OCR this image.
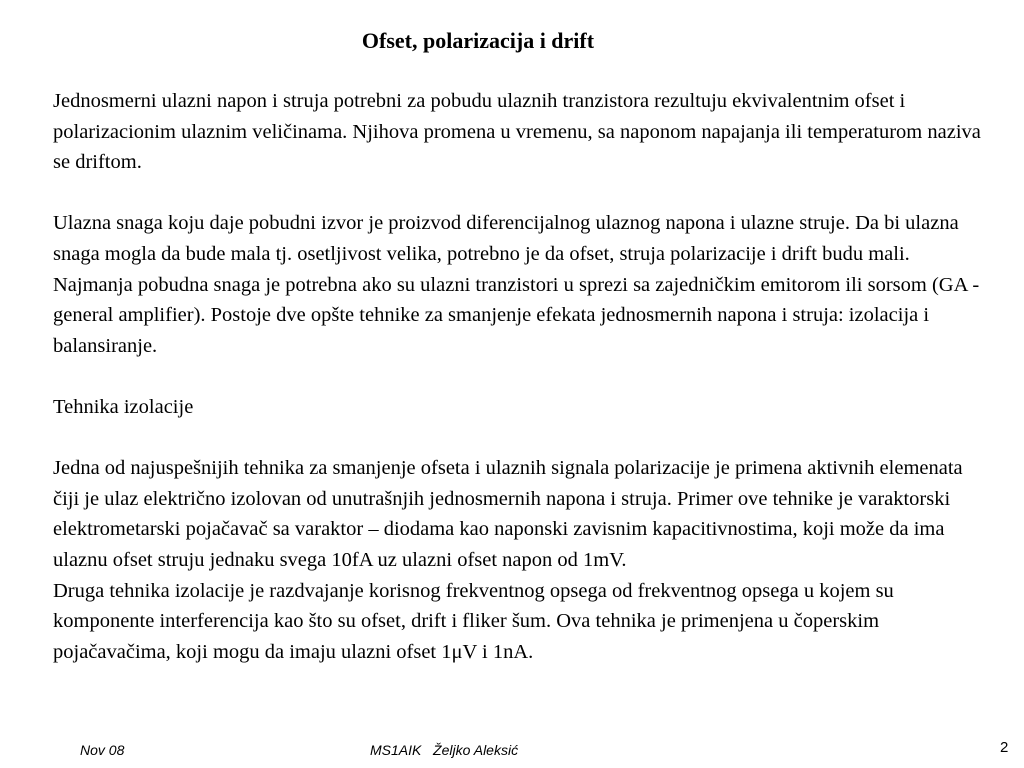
Ofset, polarizacija i drift

Jednosmerni ulazni napon i struja potrebni za pobudu ulaznih tranzistora rezultuju ekvivalentnim ofset i polarizacionim ulaznim veličinama. Njihova promena u vremenu, sa naponom napajanja ili temperaturom naziva se driftom.

Ulazna snaga koju daje pobudni izvor je proizvod diferencijalnog ulaznog napona i ulazne struje. Da bi ulazna snaga mogla da bude mala tj. osetljivost velika, potrebno je da ofset, struja polarizacije i drift budu mali. Najmanja pobudna snaga je potrebna ako su ulazni tranzistori u sprezi sa zajedničkim emitorom ili sorsom (GA - general amplifier). Postoje dve opšte tehnike za smanjenje efekata jednosmernih napona i struja: izolacija i balansiranje.

Tehnika izolacije

Jedna od najuspešnijih tehnika za smanjenje ofseta i ulaznih signala polarizacije je primena aktivnih elemenata čiji je ulaz električno izolovan od unutrašnjih jednosmernih napona i struja. Primer ove tehnike je varaktorski elektrometarski pojačavač sa varaktor – diodama kao naponski zavisnim kapacitivnostima, koji može da ima ulaznu ofset struju jednaku svega 10fA uz ulazni ofset napon od 1mV.

Druga tehnika izolacije je razdvajanje korisnog frekventnog opsega od frekventnog opsega u kojem su komponente interferencija kao što su ofset, drift i fliker šum. Ova tehnika je primenjena u čoperskim pojačavačima, koji mogu da imaju ulazni ofset 1μV i 1nA.

Nov 08	MS1AIK   Željko Aleksić	2
